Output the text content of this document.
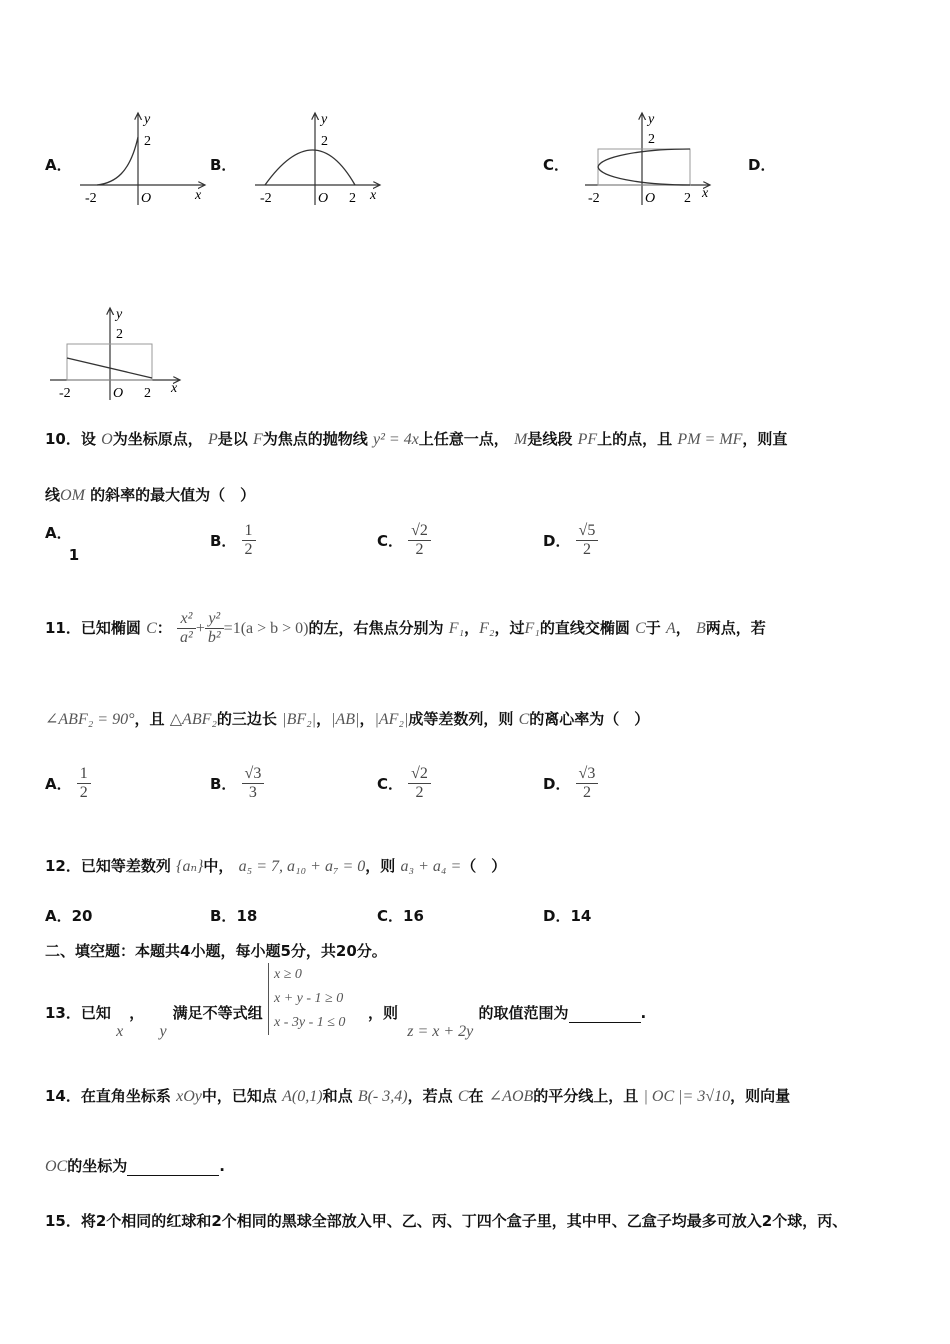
A．	B．	C．	D．
y
2
O
-2	x
y
2
O
-2	2 x
y
2
O
-2	2 x
y
2
O
-2	2 x
10．设 O为坐标原点， P是以 F为焦点的抛物线 y² = 4x上任意一点， M是线段 PF上的点，且 PM = MF，则直
线OM 的斜率的最大值为（　）
A． 1
B． $\frac{1}{2}$	C． $\frac{√2}{2}$	D． $\frac{√5}{2}$
11．已知椭圆 C： $\frac{\text{x²}}{\text{a²}} + \frac{\text{y²}}{\text{b²}} =1(a > b > 0)$的左，右焦点分别为 F₁，F₂，过F₁的直线交椭圆 C于 A， B两点，若
∠ABF₂ = 90°，且 △ABF₂的三边长 |BF₂|，|AB|，|AF₂|成等差数列，则 C的离心率为（　）
A． $\frac{1}{2}$	B． $\frac{√3}{3}$	C． $\frac{√2}{2}$	D． $\frac{√3}{2}$
12．已知等差数列 {aₙ}中， a₅ = 7, a₁₀ + a₇ = 0，则 a₃ + a₄ =（　）
A．20	B．18	C．16	D．14
二、填空题：本题共4小题，每小题5分，共20分。
13．已知 x， y满足不等式组
x ≥ 0
x + y - 1 ≥ 0
x - 3y - 1 ≤ 0
，则 z = x + 2y 的取值范围为	.
14．在直角坐标系 xOy中，已知点 A(0,1)和点 B(- 3,4)，若点 C在 ∠AOB的平分线上，且 | OC |= 3√10，则向量
OC的坐标为	.
15．将2个相同的红球和2个相同的黑球全部放入甲、乙、丙、丁四个盒子里，其中甲、乙盒子均最多可放入2个球，丙、
